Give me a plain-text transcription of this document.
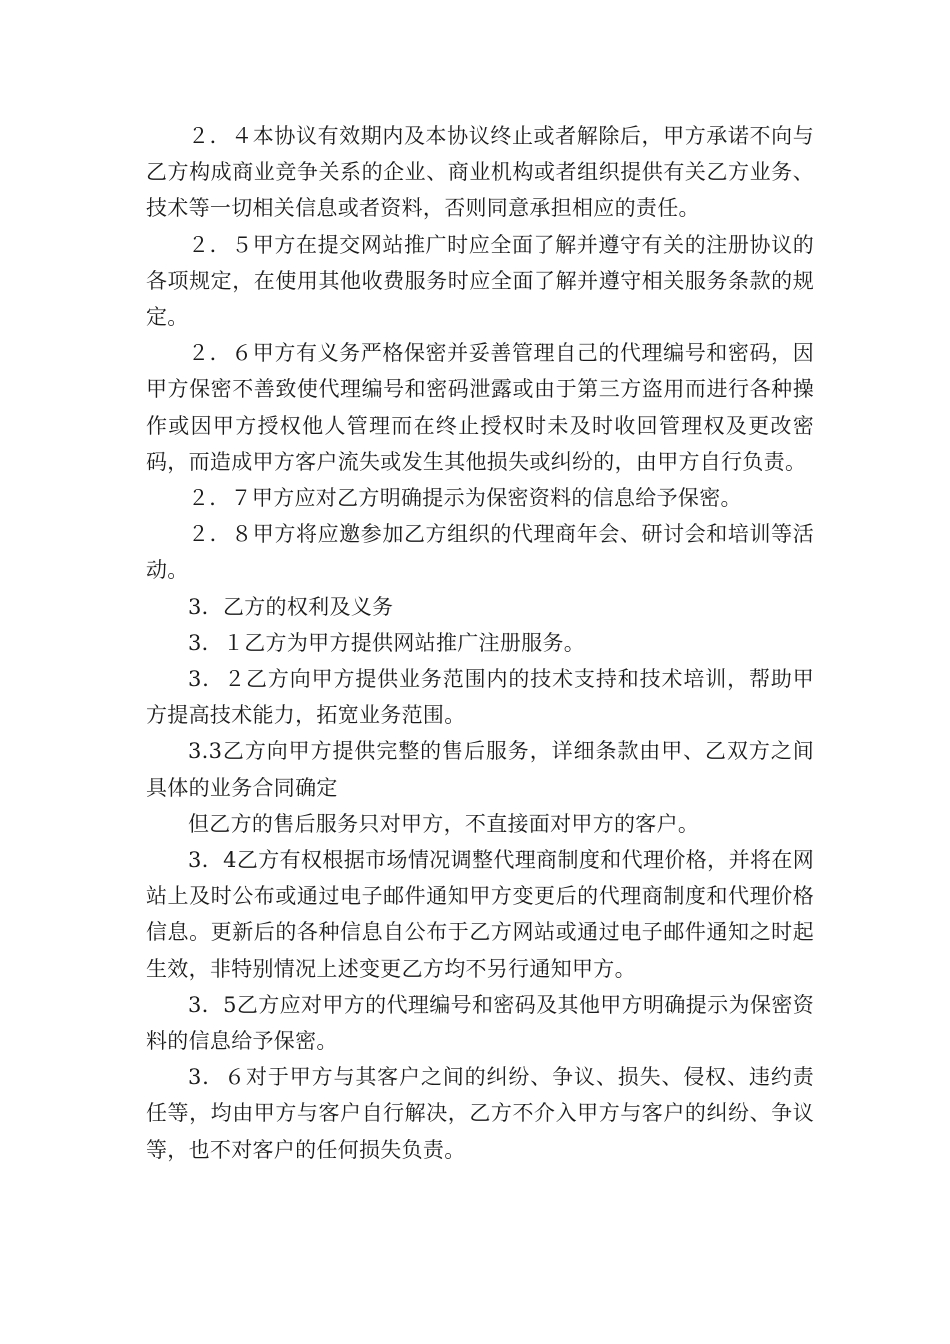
２．４本协议有效期内及本协议终止或者解除后，甲方承诺不向与乙方构成商业竞争关系的企业、商业机构或者组织提供有关乙方业务、技术等一切相关信息或者资料，否则同意承担相应的责任。

２．５甲方在提交网站推广时应全面了解并遵守有关的注册协议的各项规定，在使用其他收费服务时应全面了解并遵守相关服务条款的规定。

２．６甲方有义务严格保密并妥善管理自己的代理编号和密码，因甲方保密不善致使代理编号和密码泄露或由于第三方盗用而进行各种操作或因甲方授权他人管理而在终止授权时未及时收回管理权及更改密码，而造成甲方客户流失或发生其他损失或纠纷的，由甲方自行负责。

２．７甲方应对乙方明确提示为保密资料的信息给予保密。

２．８甲方将应邀参加乙方组织的代理商年会、研讨会和培训等活动。

3．乙方的权利及义务

3．１乙方为甲方提供网站推广注册服务。

3．２乙方向甲方提供业务范围内的技术支持和技术培训，帮助甲方提高技术能力，拓宽业务范围。

3.3乙方向甲方提供完整的售后服务，详细条款由甲、乙双方之间具体的业务合同确定

但乙方的售后服务只对甲方，不直接面对甲方的客户。

3．4乙方有权根据市场情况调整代理商制度和代理价格，并将在网站上及时公布或通过电子邮件通知甲方变更后的代理商制度和代理价格信息。更新后的各种信息自公布于乙方网站或通过电子邮件通知之时起生效，非特别情况上述变更乙方均不另行通知甲方。

3．5乙方应对甲方的代理编号和密码及其他甲方明确提示为保密资料的信息给予保密。

3．６对于甲方与其客户之间的纠纷、争议、损失、侵权、违约责任等，均由甲方与客户自行解决，乙方不介入甲方与客户的纠纷、争议等，也不对客户的任何损失负责。
